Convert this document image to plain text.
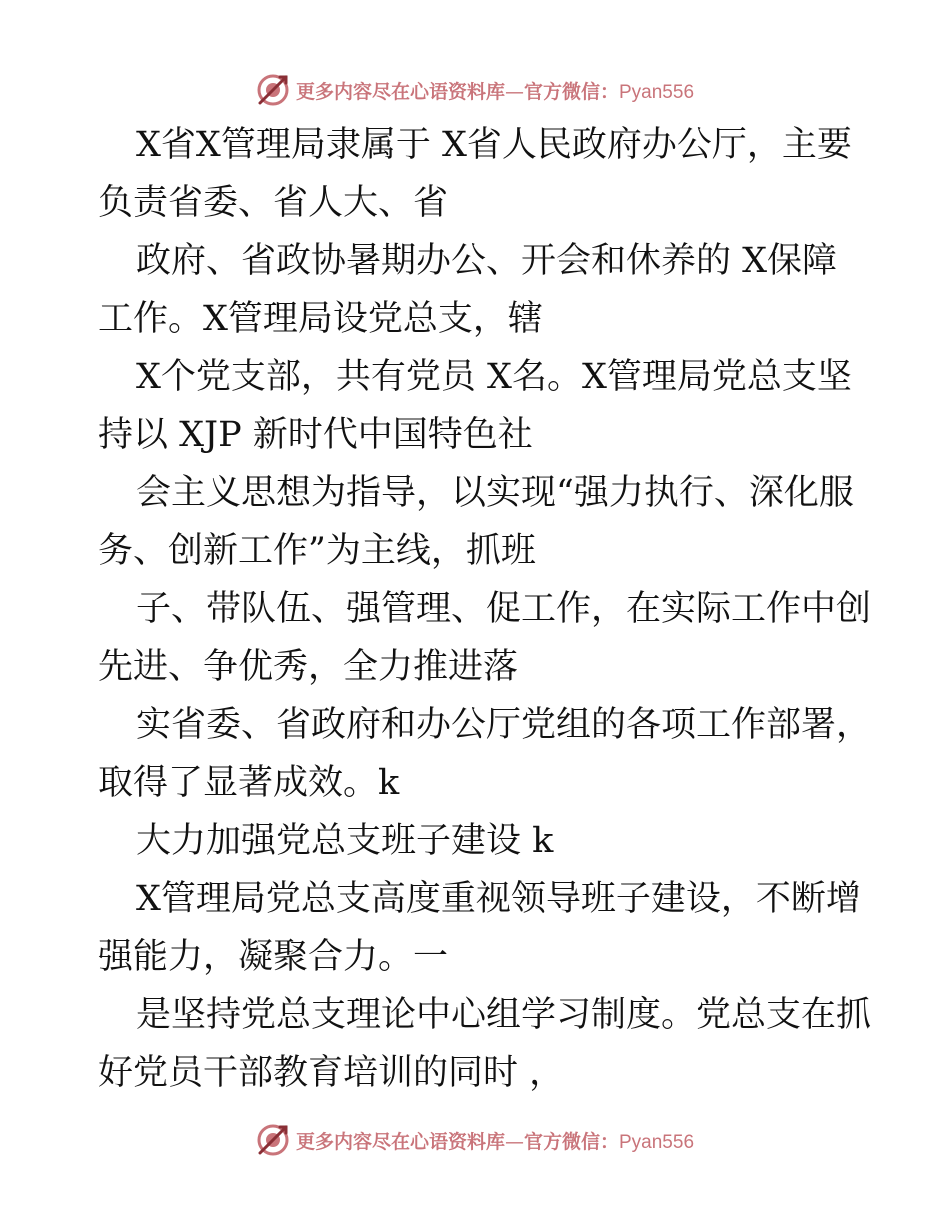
更多内容尽在心语资料库—官方微信：Pyan556

X省X管理局隶属于 X省人民政府办公厅，主要
负责省委、省人大、省

政府、省政协暑期办公、开会和休养的 X保障
工作。X管理局设党总支，辖

X个党支部，共有党员 X名。X管理局党总支坚
持以 XJP 新时代中国特色社

会主义思想为指导，以实现“强力执行、深化服
务、创新工作”为主线，抓班

子、带队伍、强管理、促工作，在实际工作中创
先进、争优秀，全力推进落

实省委、省政府和办公厅党组的各项工作部署，
取得了显著成效。k

大力加强党总支班子建设 k

X管理局党总支高度重视领导班子建设，不断增
强能力，凝聚合力。一

是坚持党总支理论中心组学习制度。党总支在抓
好党员干部教育培训的同时 ，

更多内容尽在心语资料库—官方微信：Pyan556
